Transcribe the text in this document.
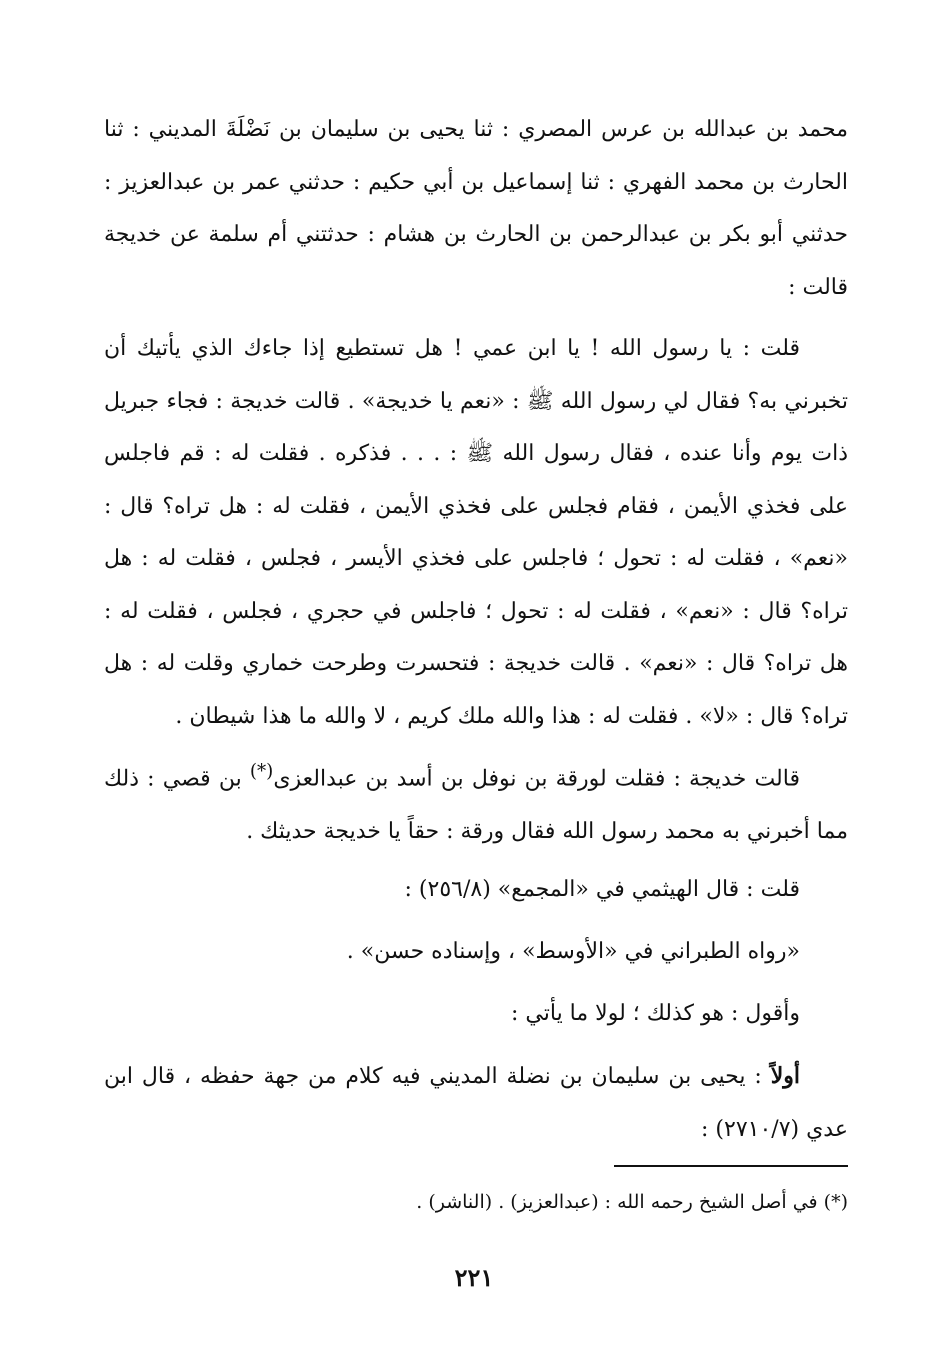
محمد بن عبدالله بن عرس المصري : ثنا يحيى بن سليمان بن نَضْلَةَ المديني : ثنا الحارث بن محمد الفهري : ثنا إسماعيل بن أبي حكيم : حدثني عمر بن عبدالعزيز : حدثني أبو بكر بن عبدالرحمن بن الحارث بن هشام : حدثتني أم سلمة عن خديجة قالت :

قلت : يا رسول الله ! يا ابن عمي ! هل تستطيع إذا جاءك الذي يأتيك أن تخبرني به؟ فقال لي رسول الله ﷺ : «نعم يا خديجة» . قالت خديجة : فجاء جبريل ذات يوم وأنا عنده ، فقال رسول الله ﷺ : . . . فذكره . فقلت له : قم فاجلس على فخذي الأيمن ، فقام فجلس على فخذي الأيمن ، فقلت له : هل تراه؟ قال : «نعم» ، فقلت له : تحول ؛ فاجلس على فخذي الأيسر ، فجلس ، فقلت له : هل تراه؟ قال : «نعم» ، فقلت له : تحول ؛ فاجلس في حجري ، فجلس ، فقلت له : هل تراه؟ قال : «نعم» . قالت خديجة : فتحسرت وطرحت خماري وقلت له : هل تراه؟ قال : «لا» . فقلت له : هذا والله ملك كريم ، لا والله ما هذا شيطان .

قالت خديجة : فقلت لورقة بن نوفل بن أسد بن عبدالعزى(*) بن قصي : ذلك مما أخبرني به محمد رسول الله فقال ورقة : حقاً يا خديجة حديثك .

قلت : قال الهيثمي في «المجمع» (٢٥٦/٨) :

«رواه الطبراني في «الأوسط» ، وإسناده حسن» .

وأقول : هو كذلك ؛ لولا ما يأتي :

أولاً : يحيى بن سليمان بن نضلة المديني فيه كلام من جهة حفظه ، قال ابن عدي (٢٧١٠/٧) :

(*) في أصل الشيخ رحمه الله : (عبدالعزيز) . (الناشر) .

٢٢١
